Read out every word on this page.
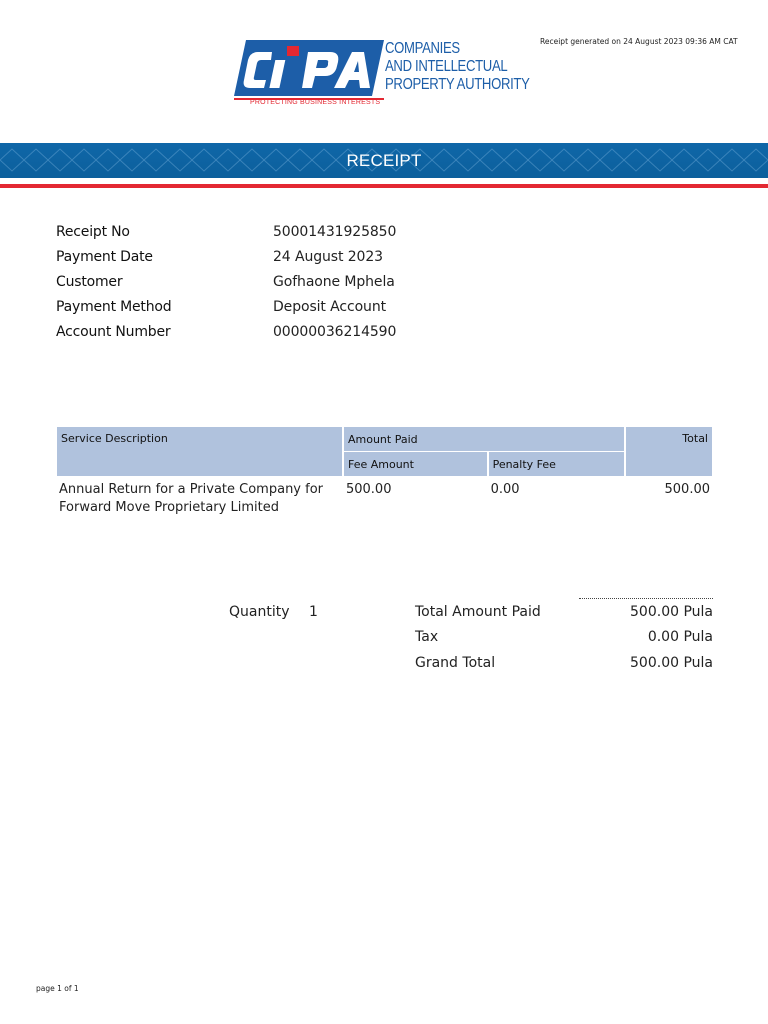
Receipt generated on 24 August 2023 09:36 AM CAT
COMPANIES
AND INTELLECTUAL
PROPERTY AUTHORITY
PROTECTING BUSINESS INTERESTS
RECEIPT
Receipt No	50001431925850
Payment Date	24 August 2023
Customer	Gofhaone Mphela
Payment Method	Deposit Account
Account Number	00000036214590
Service Description	Amount Paid		Total
	Fee Amount	Penalty Fee	

Annual Return for a Private Company for
Forward Move Proprietary Limited	500.00	0.00	500.00
Quantity 1	Total Amount Paid	500.00 Pula
Tax	0.00 Pula
Grand Total	500.00 Pula
page 1 of 1
